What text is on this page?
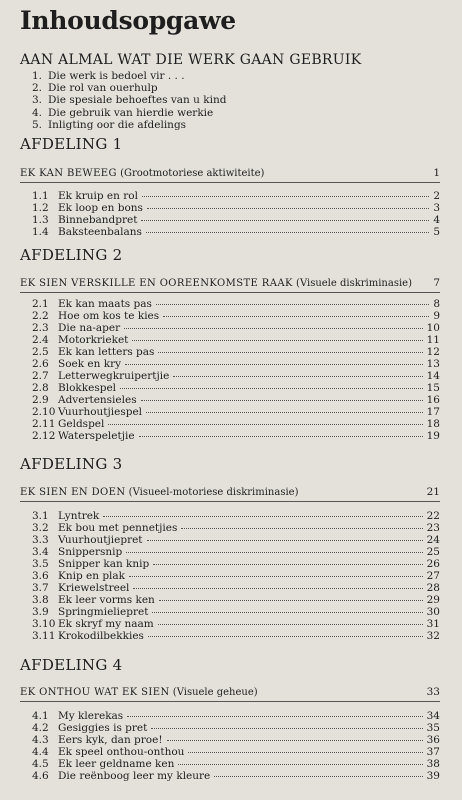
Inhoudsopgawe
AAN ALMAL WAT DIE WERK GAAN GEBRUIK
1. Die werk is bedoel vir . . .
2. Die rol van ouerhulp
3. Die spesiale behoeftes van u kind
4. Die gebruik van hierdie werkie
5. Inligting oor die afdelings
AFDELING 1
EK KAN BEWEEG
(Grootmotoriese aktiwiteite)	1
1.1 Ek kruip en rol	2
1.2 Ek loop en bons	3
1.3 Binnebandpret	4
1.4 Baksteenbalans	5
AFDELING 2
EK SIEN VERSKILLE EN OOREENKOMSTE RAAK
(Visuele diskriminasie) 7
2.1 Ek kan maats pas	8
2.2 Hoe om kos te kies	9
2.3 Die na-aper	10
2.4 Motorkrieket	11
2.5 Ek kan letters pas	12
2.6 Soek en kry	13
2.7 Letterwegkruipertjie	14
2.8 Blokkespel	15
2.9 Advertensieles	16
2.10 Vuurhoutjiespel	17
2.11 Geldspel	18
2.12 Waterspeletjie	19
AFDELING 3
EK SIEN EN DOEN
(Visueel-motoriese diskriminasie)	21
3.1 Lyntrek	22
3.2 Ek bou met pennetjies	23
3.3 Vuurhoutjiepret	24
3.4 Snippersnip	25
3.5 Snipper kan knip	26
3.6 Knip en plak	27
3.7 Kriewelstreel	28
3.8 Ek leer vorms ken	29
3.9 Springmieliepret	30
3.10 Ek skryf my naam	31
3.11 Krokodilbekkies	32
AFDELING 4
EK ONTHOU WAT EK SIEN
(Visuele geheue)	33
4.1 My klerekas	34
4.2 Gesiggies is pret	35
4.3 Eers kyk, dan proe!	36
4.4 Ek speel onthou-onthou	37
4.5 Ek leer geldname ken	38
4.6 Die reënboog leer my kleure	39
